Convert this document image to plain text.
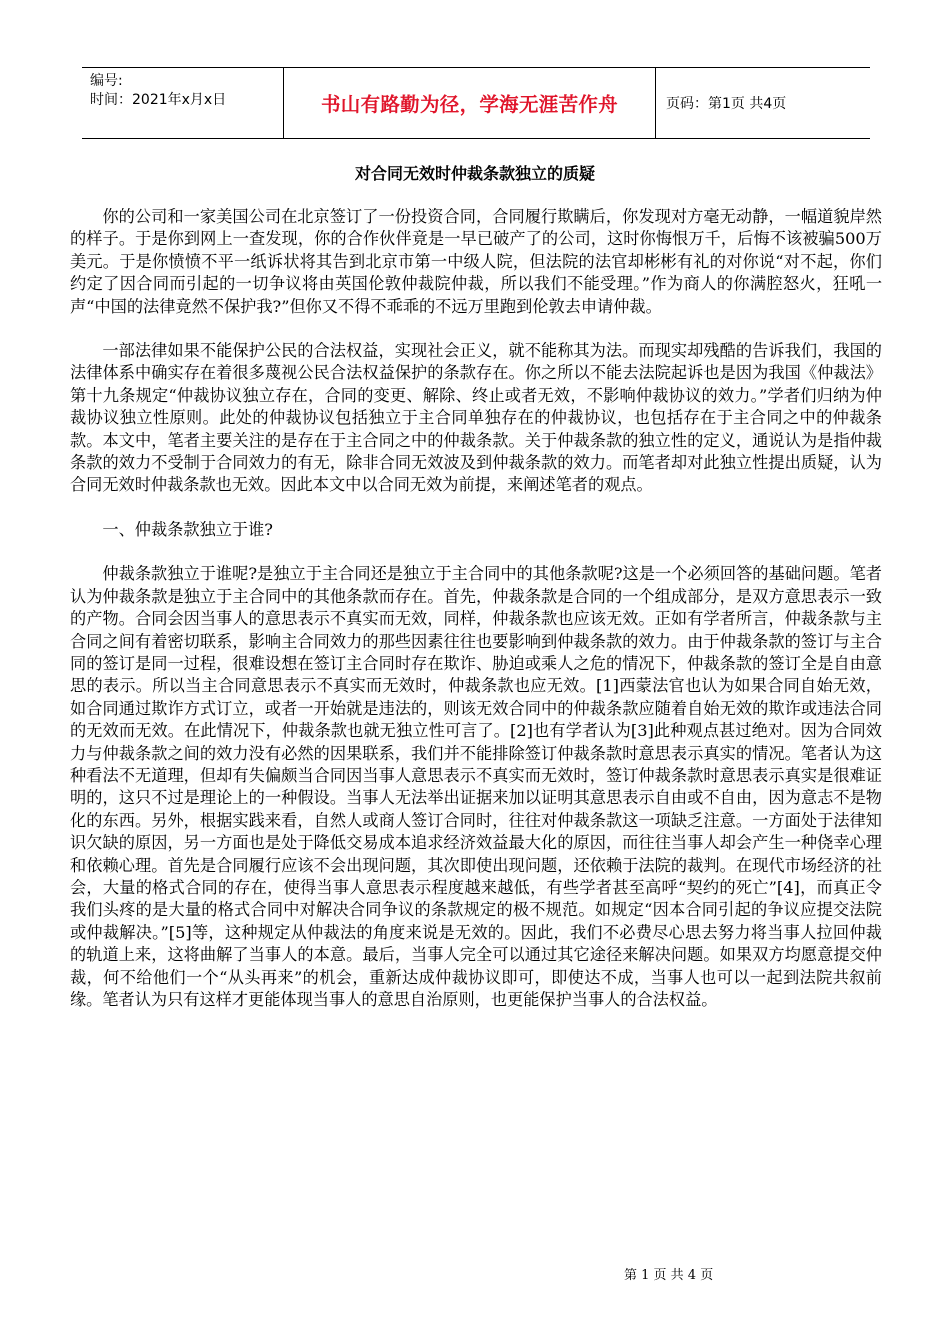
编号:
时间：2021年x月x日	书山有路勤为径，学海无涯苦作舟	页码：第1页 共4页
对合同无效时仲裁条款独立的质疑

你的公司和一家美国公司在北京签订了一份投资合同，合同履行欺瞒后，你发现对方毫无动静，一幅道貌岸然的样子。于是你到网上一查发现，你的合作伙伴竟是一早已破产了的公司，这时你悔恨万千，后悔不该被骗500万美元。于是你愤愤不平一纸诉状将其告到北京市第一中级人院，但法院的法官却彬彬有礼的对你说“对不起，你们约定了因合同而引起的一切争议将由英国伦敦仲裁院仲裁，所以我们不能受理。”作为商人的你满腔怒火，狂吼一声“中国的法律竟然不保护我?”但你又不得不乖乖的不远万里跑到伦敦去申请仲裁。

一部法律如果不能保护公民的合法权益，实现社会正义，就不能称其为法。而现实却残酷的告诉我们，我国的法律体系中确实存在着很多蔑视公民合法权益保护的条款存在。你之所以不能去法院起诉也是因为我国《仲裁法》第十九条规定“仲裁协议独立存在，合同的变更、解除、终止或者无效，不影响仲裁协议的效力。”学者们归纳为仲裁协议独立性原则。此处的仲裁协议包括独立于主合同单独存在的仲裁协议，也包括存在于主合同之中的仲裁条款。本文中，笔者主要关注的是存在于主合同之中的仲裁条款。关于仲裁条款的独立性的定义，通说认为是指仲裁条款的效力不受制于合同效力的有无，除非合同无效波及到仲裁条款的效力。而笔者却对此独立性提出质疑，认为合同无效时仲裁条款也无效。因此本文中以合同无效为前提，来阐述笔者的观点。

一、仲裁条款独立于谁?

仲裁条款独立于谁呢?是独立于主合同还是独立于主合同中的其他条款呢?这是一个必须回答的基础问题。笔者认为仲裁条款是独立于主合同中的其他条款而存在。首先，仲裁条款是合同的一个组成部分，是双方意思表示一致的产物。合同会因当事人的意思表示不真实而无效，同样，仲裁条款也应该无效。正如有学者所言，仲裁条款与主合同之间有着密切联系，影响主合同效力的那些因素往往也要影响到仲裁条款的效力。由于仲裁条款的签订与主合同的签订是同一过程，很难设想在签订主合同时存在欺诈、胁迫或乘人之危的情况下，仲裁条款的签订全是自由意思的表示。所以当主合同意思表示不真实而无效时，仲裁条款也应无效。[1]西蒙法官也认为如果合同自始无效，如合同通过欺诈方式订立，或者一开始就是违法的，则该无效合同中的仲裁条款应随着自始无效的欺诈或违法合同的无效而无效。在此情况下，仲裁条款也就无独立性可言了。[2]也有学者认为[3]此种观点甚过绝对。因为合同效力与仲裁条款之间的效力没有必然的因果联系，我们并不能排除签订仲裁条款时意思表示真实的情况。笔者认为这种看法不无道理，但却有失偏颇当合同因当事人意思表示不真实而无效时，签订仲裁条款时意思表示真实是很难证明的，这只不过是理论上的一种假设。当事人无法举出证据来加以证明其意思表示自由或不自由，因为意志不是物化的东西。另外，根据实践来看，自然人或商人签订合同时，往往对仲裁条款这一项缺乏注意。一方面处于法律知识欠缺的原因，另一方面也是处于降低交易成本追求经济效益最大化的原因，而往往当事人却会产生一种侥幸心理和依赖心理。首先是合同履行应该不会出现问题，其次即使出现问题，还依赖于法院的裁判。在现代市场经济的社会，大量的格式合同的存在，使得当事人意思表示程度越来越低，有些学者甚至高呼“契约的死亡”[4]，而真正令我们头疼的是大量的格式合同中对解决合同争议的条款规定的极不规范。如规定“因本合同引起的争议应提交法院或仲裁解决。”[5]等，这种规定从仲裁法的角度来说是无效的。因此，我们不必费尽心思去努力将当事人拉回仲裁的轨道上来，这将曲解了当事人的本意。最后，当事人完全可以通过其它途径来解决问题。如果双方均愿意提交仲裁，何不给他们一个“从头再来”的机会，重新达成仲裁协议即可，即使达不成，当事人也可以一起到法院共叙前缘。笔者认为只有这样才更能体现当事人的意思自治原则，也更能保护当事人的合法权益。

第 1 页 共 4 页
